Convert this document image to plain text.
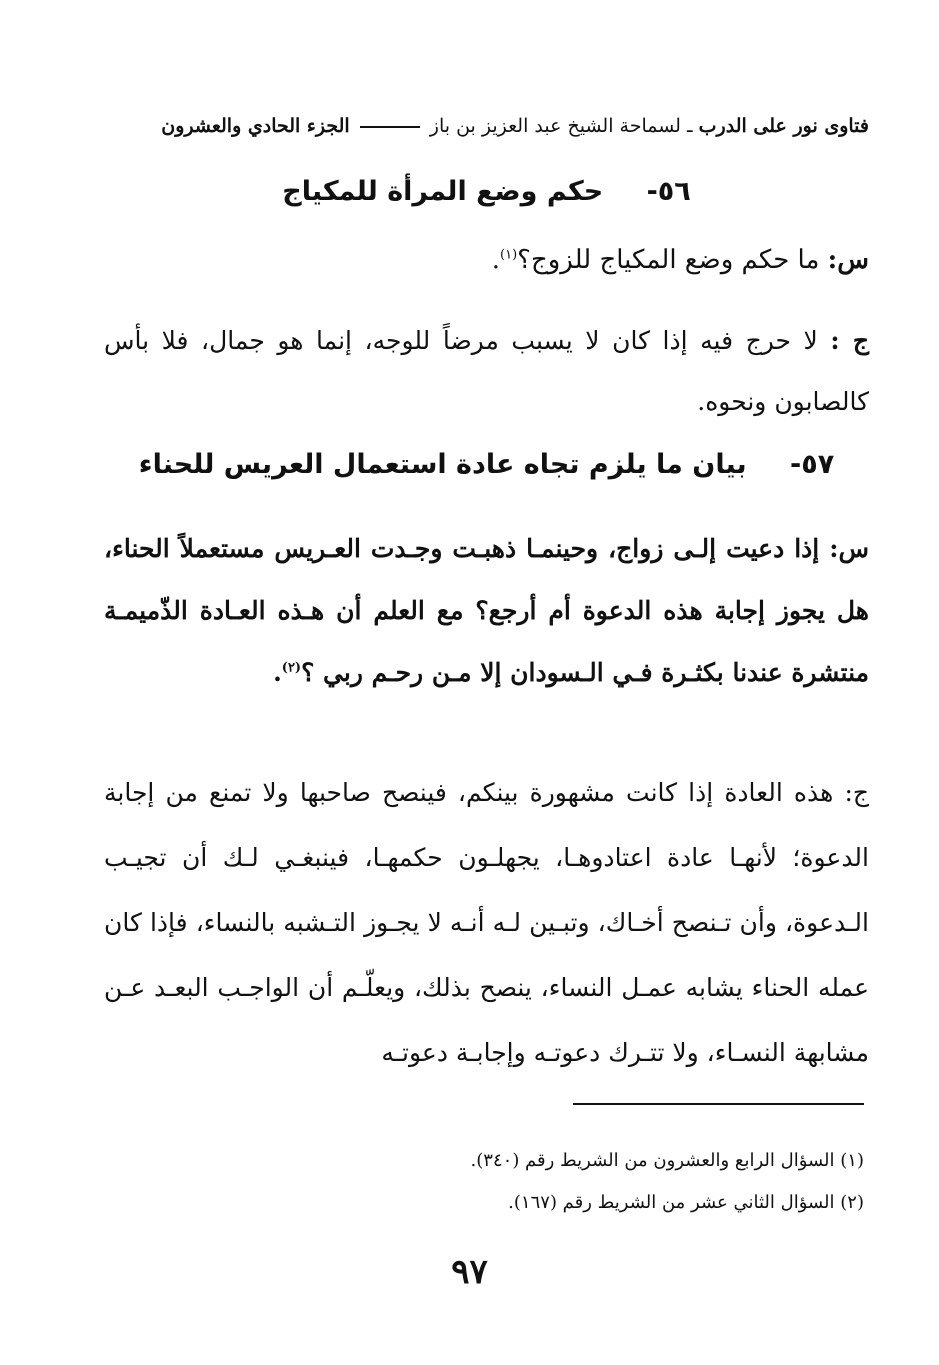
فتاوى نور على الدرب ـ لسماحة الشيخ عبد العزيز بن باز  الجزء الحادي والعشرون
٥٦- حكم وضع المرأة للمكياج
س: ما حكم وضع المكياج للزوج؟$^{(١)}$.
ج : لا حرج فيه إذا كان لا يسبب مرضاً للوجه، إنما هو جمال، فلا بأس كالصابون ونحوه.
٥٧- بيان ما يلزم تجاه عادة استعمال العريس للحناء
س: إذا دعيت إلـى زواج، وحينمـا ذهبـت وجـدت العـريس مستعملاً الحناء، هل يجوز إجابة هذه الدعوة أم أرجع؟ مع العلم أن هـذه العـادة الذّميمـة منتشرة عندنا بكثـرة فـي الـسودان إلا مـن رحـم ربي ؟$^{(٢)}$.
ج: هذه العادة إذا كانت مشهورة بينكم، فينصح صاحبها ولا تمنع من إجابة الدعوة؛ لأنهـا عادة اعتادوهـا، يجهلـون حكمهـا، فينبغـي لـك أن تجيـب الـدعوة، وأن تـنصح أخـاك، وتبـين لـه أنـه لا يجـوز التـشبه بالنساء، فإذا كان عمله الحناء يشابه عمـل النساء، ينصح بذلك، ويعلّـم أن الواجـب البعـد عـن مشابهة النسـاء، ولا تتـرك دعوتـه وإجابـة دعوتـه
(١) السؤال الرابع والعشرون من الشريط رقم (٣٤٠).
(٢) السؤال الثاني عشر من الشريط رقم (١٦٧).
٩٧
